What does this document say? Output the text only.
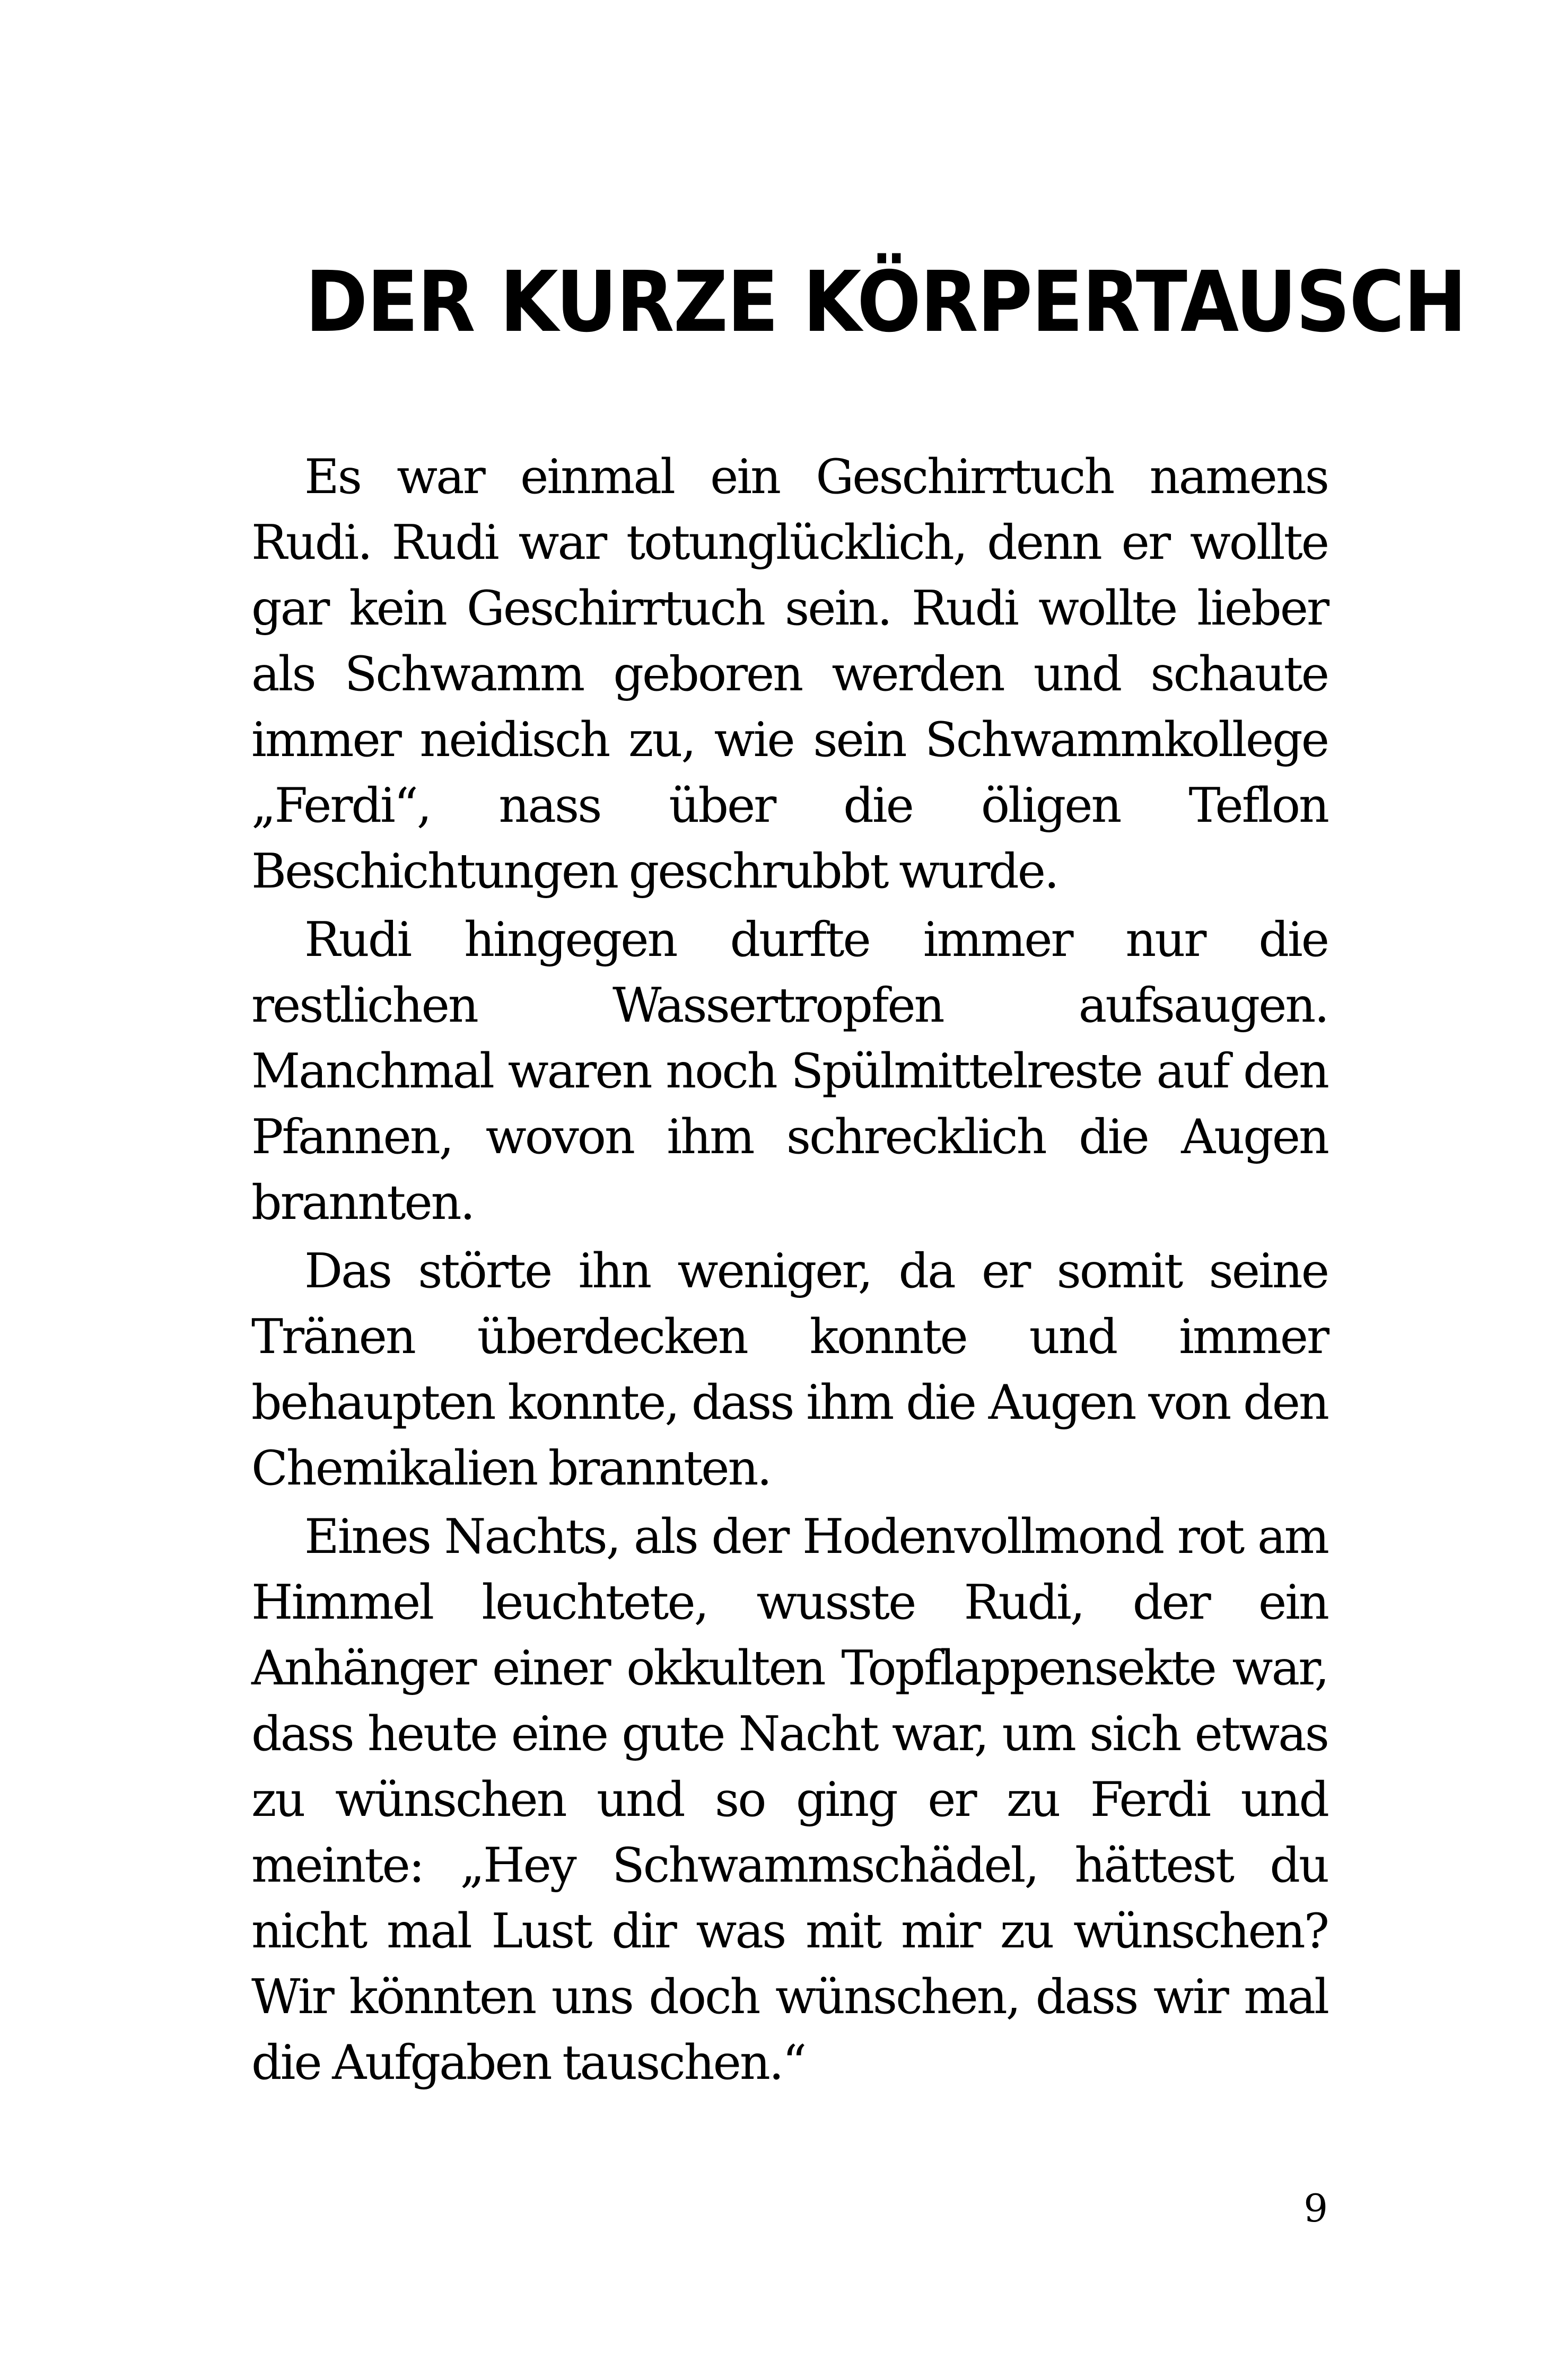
DER KURZE KÖRPERTAUSCH

Es war einmal ein Geschirrtuch namens Rudi. Rudi war totunglücklich, denn er wollte gar kein Geschirrtuch sein. Rudi wollte lieber als Schwamm geboren werden und schaute immer neidisch zu, wie sein Schwammkollege „Ferdi“, nass über die öligen Teflon Beschichtungen geschrubbt wurde.

Rudi hingegen durfte immer nur die restlichen Wassertropfen aufsaugen. Manchmal waren noch Spülmittelreste auf den Pfannen, wovon ihm schrecklich die Augen brannten.

Das störte ihn weniger, da er somit seine Tränen überdecken konnte und immer behaupten konnte, dass ihm die Augen von den Chemikalien brannten.

Eines Nachts, als der Hodenvollmond rot am Himmel leuchtete, wusste Rudi, der ein Anhänger einer okkulten Topflappensekte war, dass heute eine gute Nacht war, um sich etwas zu wünschen und so ging er zu Ferdi und meinte: „Hey Schwammschädel, hättest du nicht mal Lust dir was mit mir zu wünschen? Wir könnten uns doch wünschen, dass wir mal die Aufgaben tauschen.“

9
